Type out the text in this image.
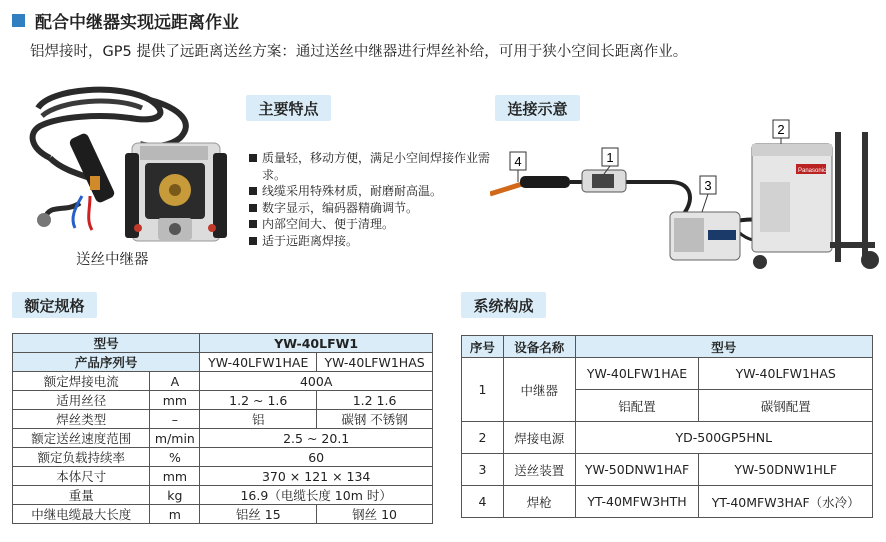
配合中继器实现远距离作业
铝焊接时，GP5 提供了远距离送丝方案：通过送丝中继器进行焊丝补给，可用于狭小空间长距离作业。
送丝中继器
主要特点
质量轻，移动方便，满足小空间焊接作业需求。
线缆采用特殊材质，耐磨耐高温。
数字显示，编码器精确调节。
内部空间大、便于清理。
适于远距离焊接。
连接示意
4	1
3
2
Panasonic
额定规格
型号		YW-40LFW1	
产品序列号		YW-40LFW1HAE	YW-40LFW1HAS
额定焊接电流	A	400A	
适用丝径	mm	1.2 ~ 1.6	1.2 1.6
焊丝类型	–	铝	碳钢 不锈钢
额定送丝速度范围	m/min	2.5 ~ 20.1	
额定负载持续率	%	60	
本体尺寸	mm	370 × 121 × 134	
重量	kg	16.9（电缆长度 10m 时）	
中继电缆最大长度	m	铝丝 15	钢丝 10
系统构成
序号	设备名称	型号	
1	中继器	YW-40LFW1HAE	YW-40LFW1HAS
		铝配置	碳钢配置
2	焊接电源	YD-500GP5HNL	
3	送丝装置	YW-50DNW1HAF	YW-50DNW1HLF
4	焊枪	YT-40MFW3HTH	YT-40MFW3HAF（水冷）
